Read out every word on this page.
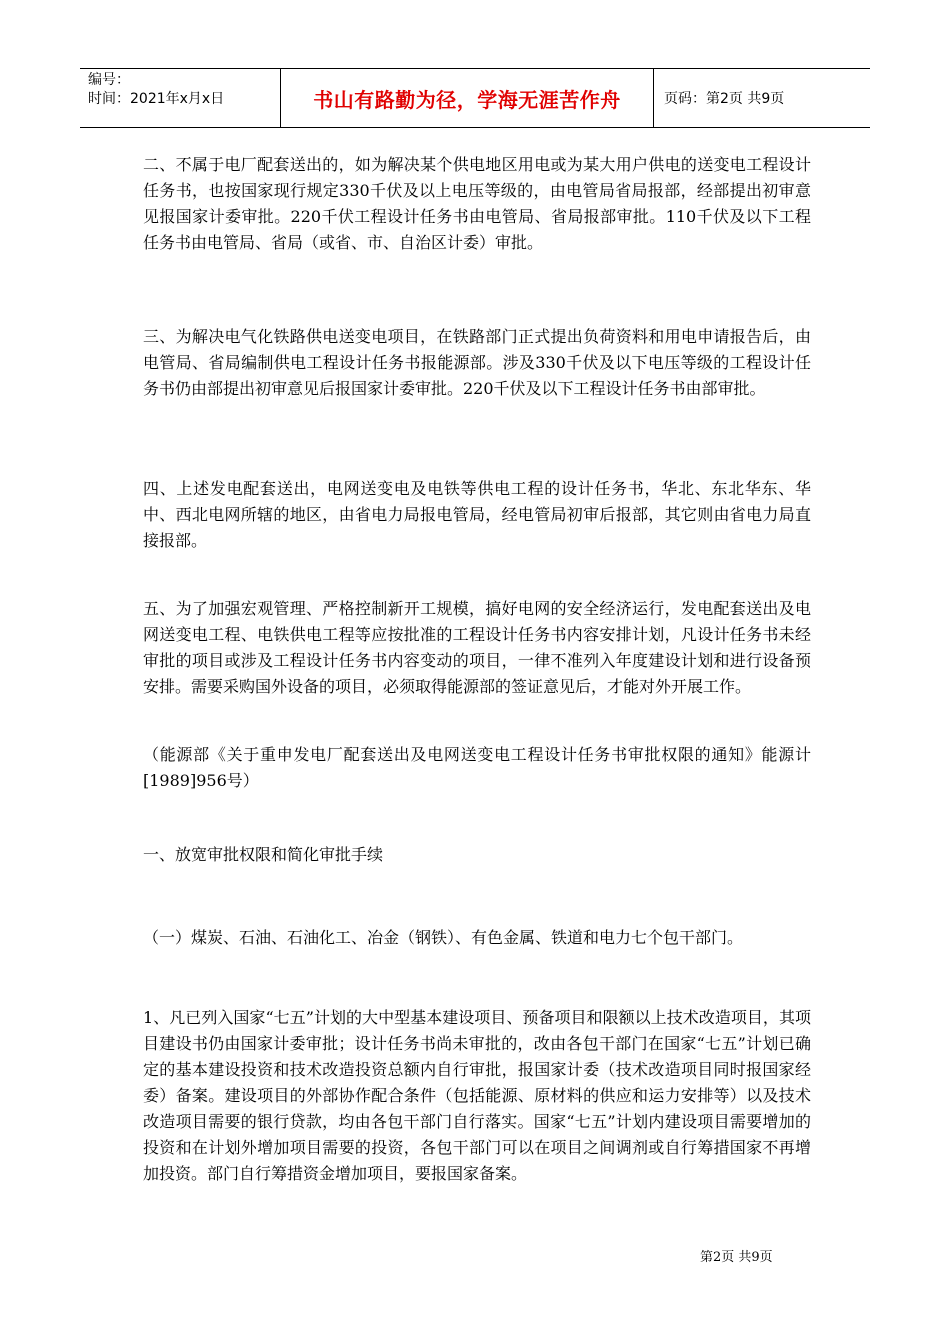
编号：
时间：2021年x月x日	书山有路勤为径，学海无涯苦作舟	页码：第2页 共9页

二、不属于电厂配套送出的，如为解决某个供电地区用电或为某大用户供电的送变电工程设计任务书，也按国家现行规定330千伏及以上电压等级的，由电管局省局报部，经部提出初审意见报国家计委审批。220千伏工程设计任务书由电管局、省局报部审批。110千伏及以下工程任务书由电管局、省局（或省、市、自治区计委）审批。

三、为解决电气化铁路供电送变电项目，在铁路部门正式提出负荷资料和用电申请报告后，由电管局、省局编制供电工程设计任务书报能源部。涉及330千伏及以下电压等级的工程设计任务书仍由部提出初审意见后报国家计委审批。220千伏及以下工程设计任务书由部审批。

四、上述发电配套送出，电网送变电及电铁等供电工程的设计任务书，华北、东北华东、华中、西北电网所辖的地区，由省电力局报电管局，经电管局初审后报部，其它则由省电力局直接报部。

五、为了加强宏观管理、严格控制新开工规模，搞好电网的安全经济运行，发电配套送出及电网送变电工程、电铁供电工程等应按批准的工程设计任务书内容安排计划，凡设计任务书未经审批的项目或涉及工程设计任务书内容变动的项目，一律不准列入年度建设计划和进行设备预安排。需要采购国外设备的项目，必须取得能源部的签证意见后，才能对外开展工作。

（能源部《关于重申发电厂配套送出及电网送变电工程设计任务书审批权限的通知》能源计[1989]956号）

一、放宽审批权限和简化审批手续

（一）煤炭、石油、石油化工、冶金（钢铁）、有色金属、铁道和电力七个包干部门。

1、凡已列入国家“七五”计划的大中型基本建设项目、预备项目和限额以上技术改造项目，其项目建设书仍由国家计委审批；设计任务书尚未审批的，改由各包干部门在国家“七五”计划已确定的基本建设投资和技术改造投资总额内自行审批，报国家计委（技术改造项目同时报国家经委）备案。建设项目的外部协作配合条件（包括能源、原材料的供应和运力安排等）以及技术改造项目需要的银行贷款，均由各包干部门自行落实。国家“七五”计划内建设项目需要增加的投资和在计划外增加项目需要的投资，各包干部门可以在项目之间调剂或自行筹措国家不再增加投资。部门自行筹措资金增加项目，要报国家备案。

第2页 共9页
